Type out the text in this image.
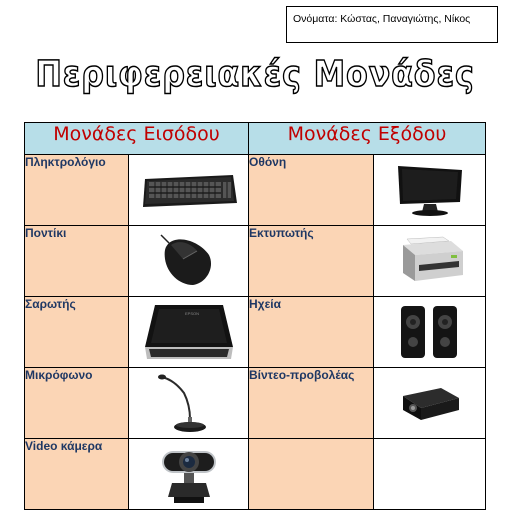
Ονόματα: Κώστας, Παναγιώτης, Νίκος
Περιφερειακές Μονάδες
Μονάδες Εισόδου		Μονάδες Εξόδου	
Πληκτρολόγιο		Οθόνη	

Ποντίκι		Εκτυπωτής	

Σαρωτής	EPSON	Ηχεία	

Μικρόφωνο		Βίντεο-προβολέας	

Video κάμερα	
